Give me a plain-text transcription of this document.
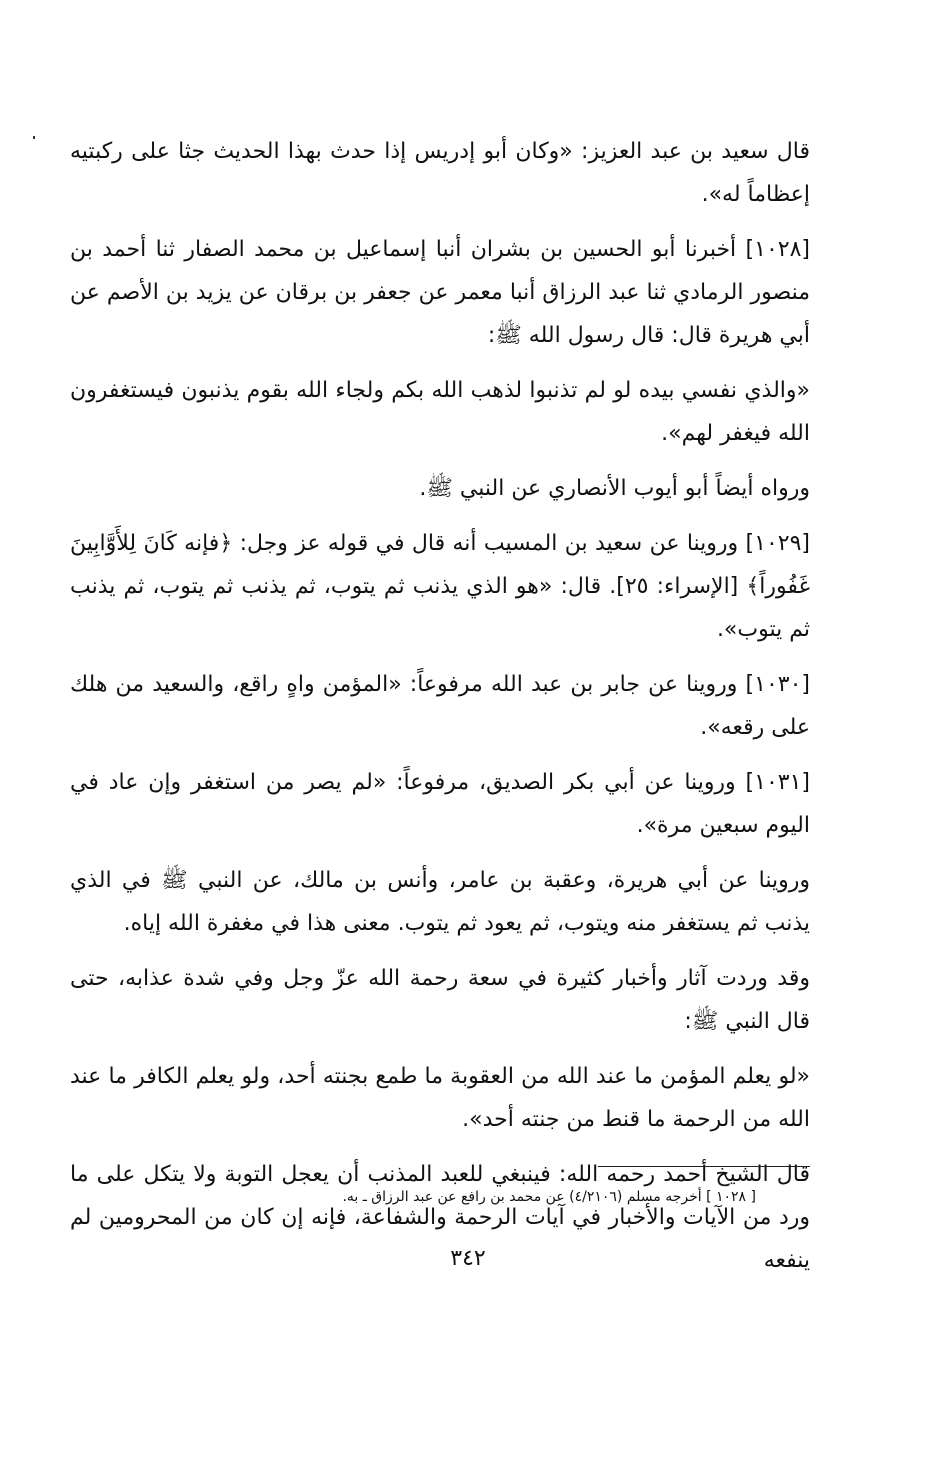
قال سعيد بن عبد العزيز: «وكان أبو إدريس إذا حدث بهذا الحديث جثا على ركبتيه إعظاماً له».

[١٠٢٨] أخبرنا أبو الحسين بن بشران أنبا إسماعيل بن محمد الصفار ثنا أحمد بن منصور الرمادي ثنا عبد الرزاق أنبا معمر عن جعفر بن برقان عن يزيد بن الأصم عن أبي هريرة قال: قال رسول الله ﷺ:

«والذي نفسي بيده لو لم تذنبوا لذهب الله بكم ولجاء الله بقوم يذنبون فيستغفرون الله فيغفر لهم».

ورواه أيضاً أبو أيوب الأنصاري عن النبي ﷺ.

[١٠٢٩] وروينا عن سعيد بن المسيب أنه قال في قوله عز وجل: ﴿فإنه كَانَ لِلأَوَّابِينَ غَفُوراً﴾ [الإسراء: ٢٥]. قال: «هو الذي يذنب ثم يتوب، ثم يذنب ثم يتوب، ثم يذنب ثم يتوب».

[١٠٣٠] وروينا عن جابر بن عبد الله مرفوعاً: «المؤمن واهٍ راقع، والسعيد من هلك على رقعه».

[١٠٣١] وروينا عن أبي بكر الصديق، مرفوعاً: «لم يصر من استغفر وإن عاد في اليوم سبعين مرة».

وروينا عن أبي هريرة، وعقبة بن عامر، وأنس بن مالك، عن النبي ﷺ في الذي يذنب ثم يستغفر منه ويتوب، ثم يعود ثم يتوب. معنى هذا في مغفرة الله إياه.

وقد وردت آثار وأخبار كثيرة في سعة رحمة الله عزّ وجل وفي شدة عذابه، حتى قال النبي ﷺ:

«لو يعلم المؤمن ما عند الله من العقوبة ما طمع بجنته أحد، ولو يعلم الكافر ما عند الله من الرحمة ما قنط من جنته أحد».

قال الشيخ أحمد رحمه الله: فينبغي للعبد المذنب أن يعجل التوبة ولا يتكل على ما ورد من الآيات والأخبار في آيات الرحمة والشفاعة، فإنه إن كان من المحرومين لم ينفعه

[ ١٠٢٨ ] أخرجه مسلم (٤/٢١٠٦) عن محمد بن رافع عن عبد الرزاق ـ به.
٣٤٢
